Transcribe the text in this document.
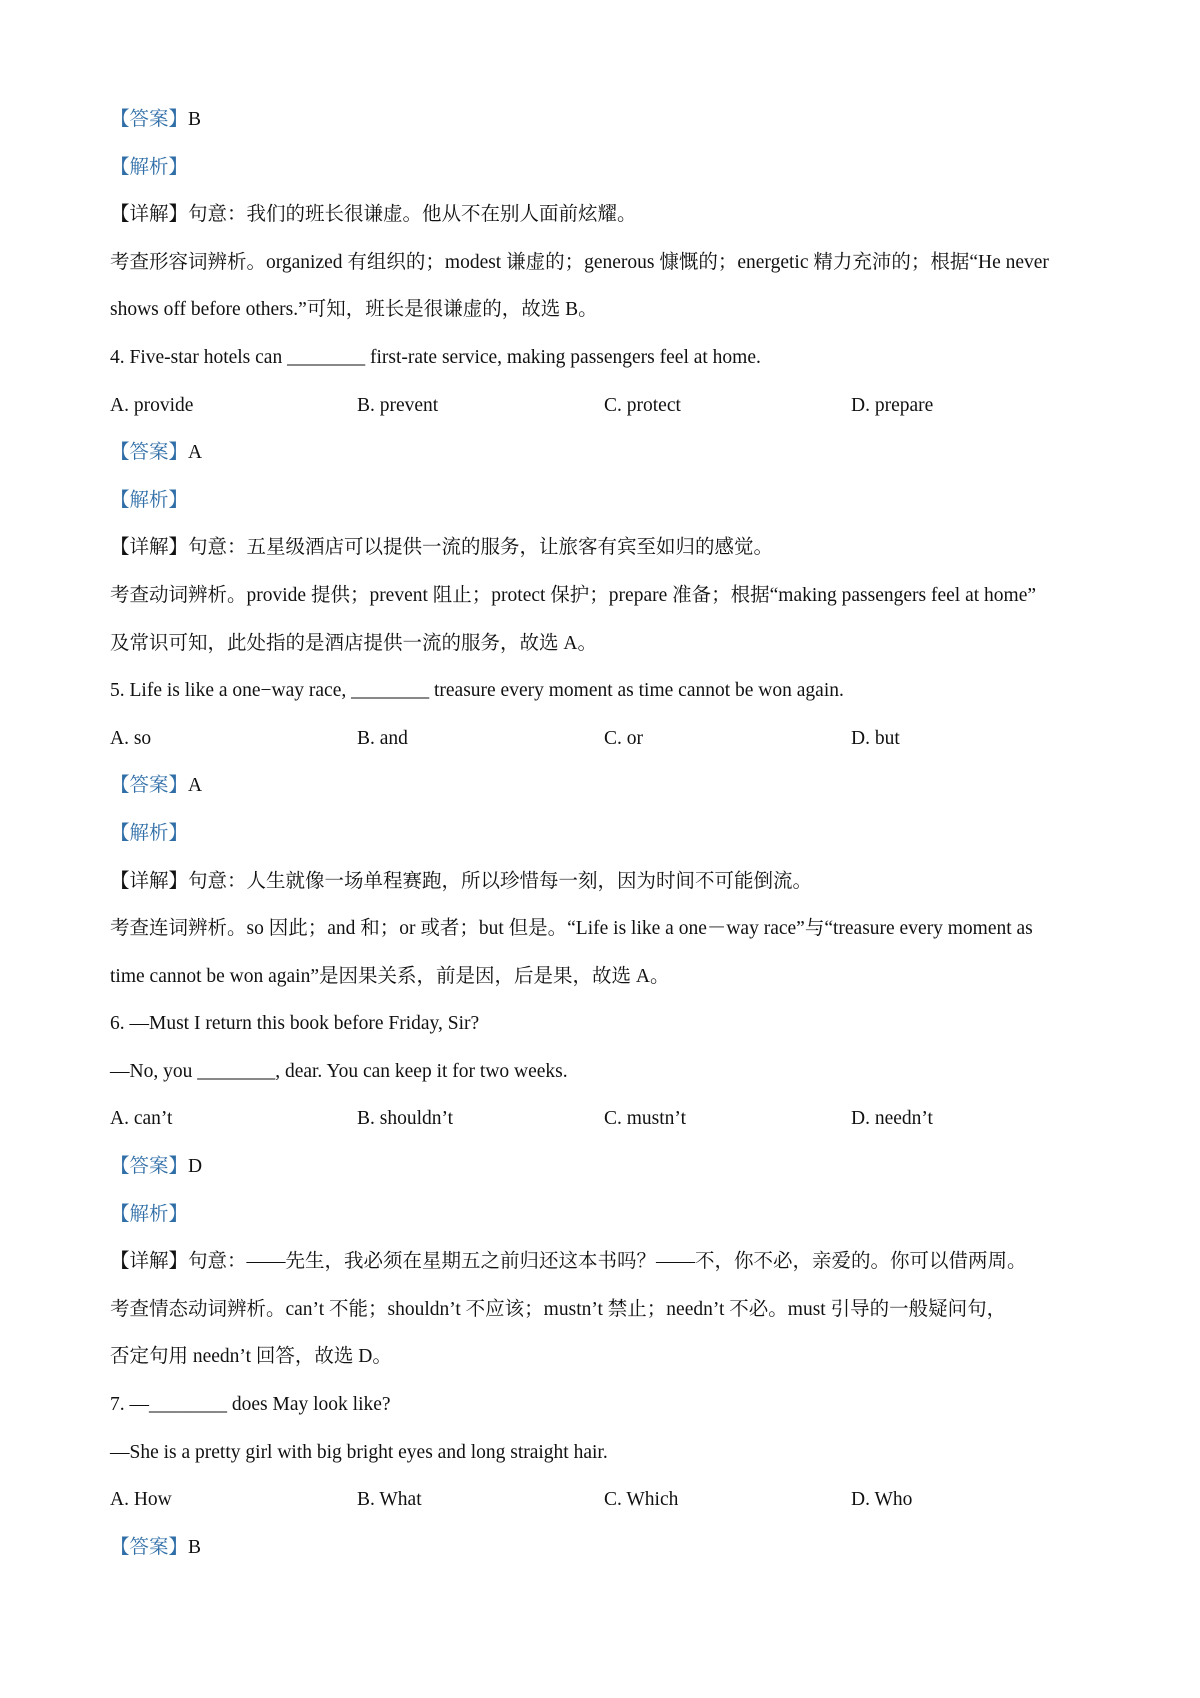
【答案】B
【解析】
【详解】句意：我们的班长很谦虚。他从不在别人面前炫耀。
考查形容词辨析。organized 有组织的；modest 谦虚的；generous 慷慨的；energetic 精力充沛的；根据“He never
shows off before others.”可知，班长是很谦虚的，故选 B。
4. Five-star hotels can ________ first-rate service, making passengers feel at home.
A. provide	B. prevent	C. protect	D. prepare
【答案】A
【解析】
【详解】句意：五星级酒店可以提供一流的服务，让旅客有宾至如归的感觉。
考查动词辨析。provide 提供；prevent 阻止；protect 保护；prepare 准备；根据“making passengers feel at home”
及常识可知，此处指的是酒店提供一流的服务，故选 A。
5. Life is like a one−way race, ________ treasure every moment as time cannot be won again.
A. so	B. and	C. or	D. but
【答案】A
【解析】
【详解】句意：人生就像一场单程赛跑，所以珍惜每一刻，因为时间不可能倒流。
考查连词辨析。so 因此；and 和；or 或者；but 但是。“Life is like a one－way race”与“treasure every moment as
time cannot be won again”是因果关系，前是因，后是果，故选 A。
6. —Must I return this book before Friday, Sir?
—No, you ________, dear. You can keep it for two weeks.
A. can’t	B. shouldn’t	C. mustn’t	D. needn’t
【答案】D
【解析】
【详解】句意：——先生，我必须在星期五之前归还这本书吗？——不，你不必，亲爱的。你可以借两周。
考查情态动词辨析。can’t 不能；shouldn’t 不应该；mustn’t 禁止；needn’t 不必。must 引导的一般疑问句，
否定句用 needn’t 回答，故选 D。
7. —________ does May look like?
—She is a pretty girl with big bright eyes and long straight hair.
A. How	B. What	C. Which	D. Who
【答案】B
